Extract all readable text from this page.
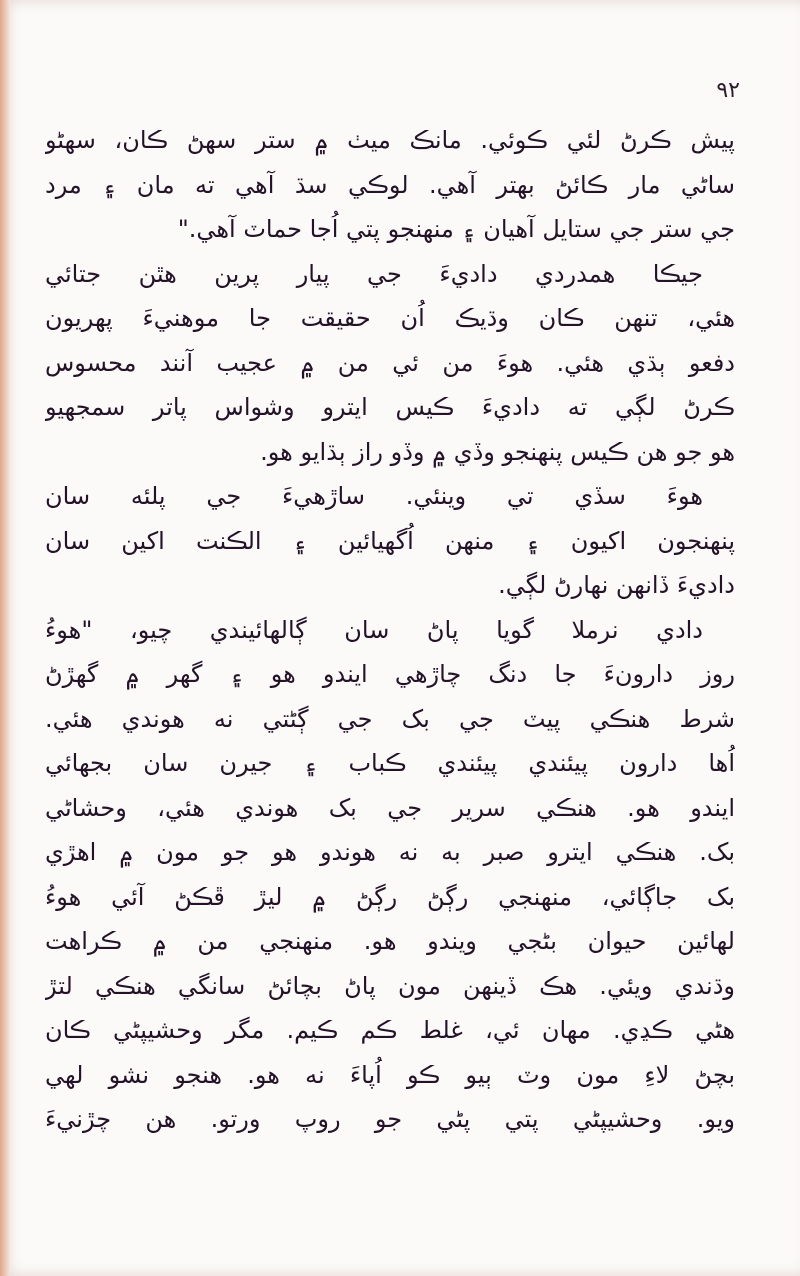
٩٢
پيش ڪرڻ لئي ڪوئي. مانڪ ميٺ ۾ ستر سهڻ ڪان، سهڻو
ساڻي مار ڪائڻ بهتر آهي. لوڪي سڌ آهي ته مان ۽ مرد
جي ستر جي ستايل آهيان ۽ منهنجو پتي اُجا حماٽ آهي."
جيڪا همدردي داديءَ جي پيار پرين هٿن جتائي
هئي، تنهن ڪان وڌيڪ اُن حقيقت جا موهنيءَ پهريون
دفعو ٻڌي هئي. هوءَ من ئي من ۾ عجيب آنند محسوس
ڪرڻ لڳي ته داديءَ ڪيس ايترو وشواس پاتر سمجهيو
هو جو هن ڪيس پنهنجو وڏي ۾ وڏو راز ٻڌايو هو.
هوءَ سڏي تي وينئي. ساڙهيءَ جي پلئه سان
پنهنجون اکيون ۽ منهن اُگهيائين ۽ الڪنت اکين سان
داديءَ ڏانهن نهارڻ لڳي.
دادي نرملا گويا پاڻ سان ڳالهائيندي چيو، "هوءُ
روز دارونءَ جا دنگ چاڙهي ايندو هو ۽ گهر ۾ گهڙڻ
شرط هنڪي پيٽ جي بک جي ڳڻتي نه هوندي هئي.
اُها دارون پيئندي پيئندي ڪباب ۽ جيرن سان بجهائي
ايندو هو. هنڪي سرير جي بک هوندي هئي، وحشاڻي
بک. هنڪي ايترو صبر به نه هوندو هو جو مون ۾ اهڙي
بک جاڳائي، منهنجي رڳڻ رڳڻ ۾ ليڙ ڦڪڻ آئي هوءُ
لهائين حيوان بڻجي ويندو هو. منهنجي من ۾ ڪراهت
وڌندي ويئي. هڪ ڏينهن مون پاڻ بچائڻ سانگي هنڪي لتڙ
هڻي ڪڍي. مهان ئي، غلط ڪم ڪيم. مگر وحشيپڻي ڪان
بچڻ لاءِ مون وٽ ٻيو ڪو اُپاءَ نه هو. هنجو نشو لهي
ويو. وحشيپڻي پتي پڻي جو روپ ورتو. هن چڙنيءَ
